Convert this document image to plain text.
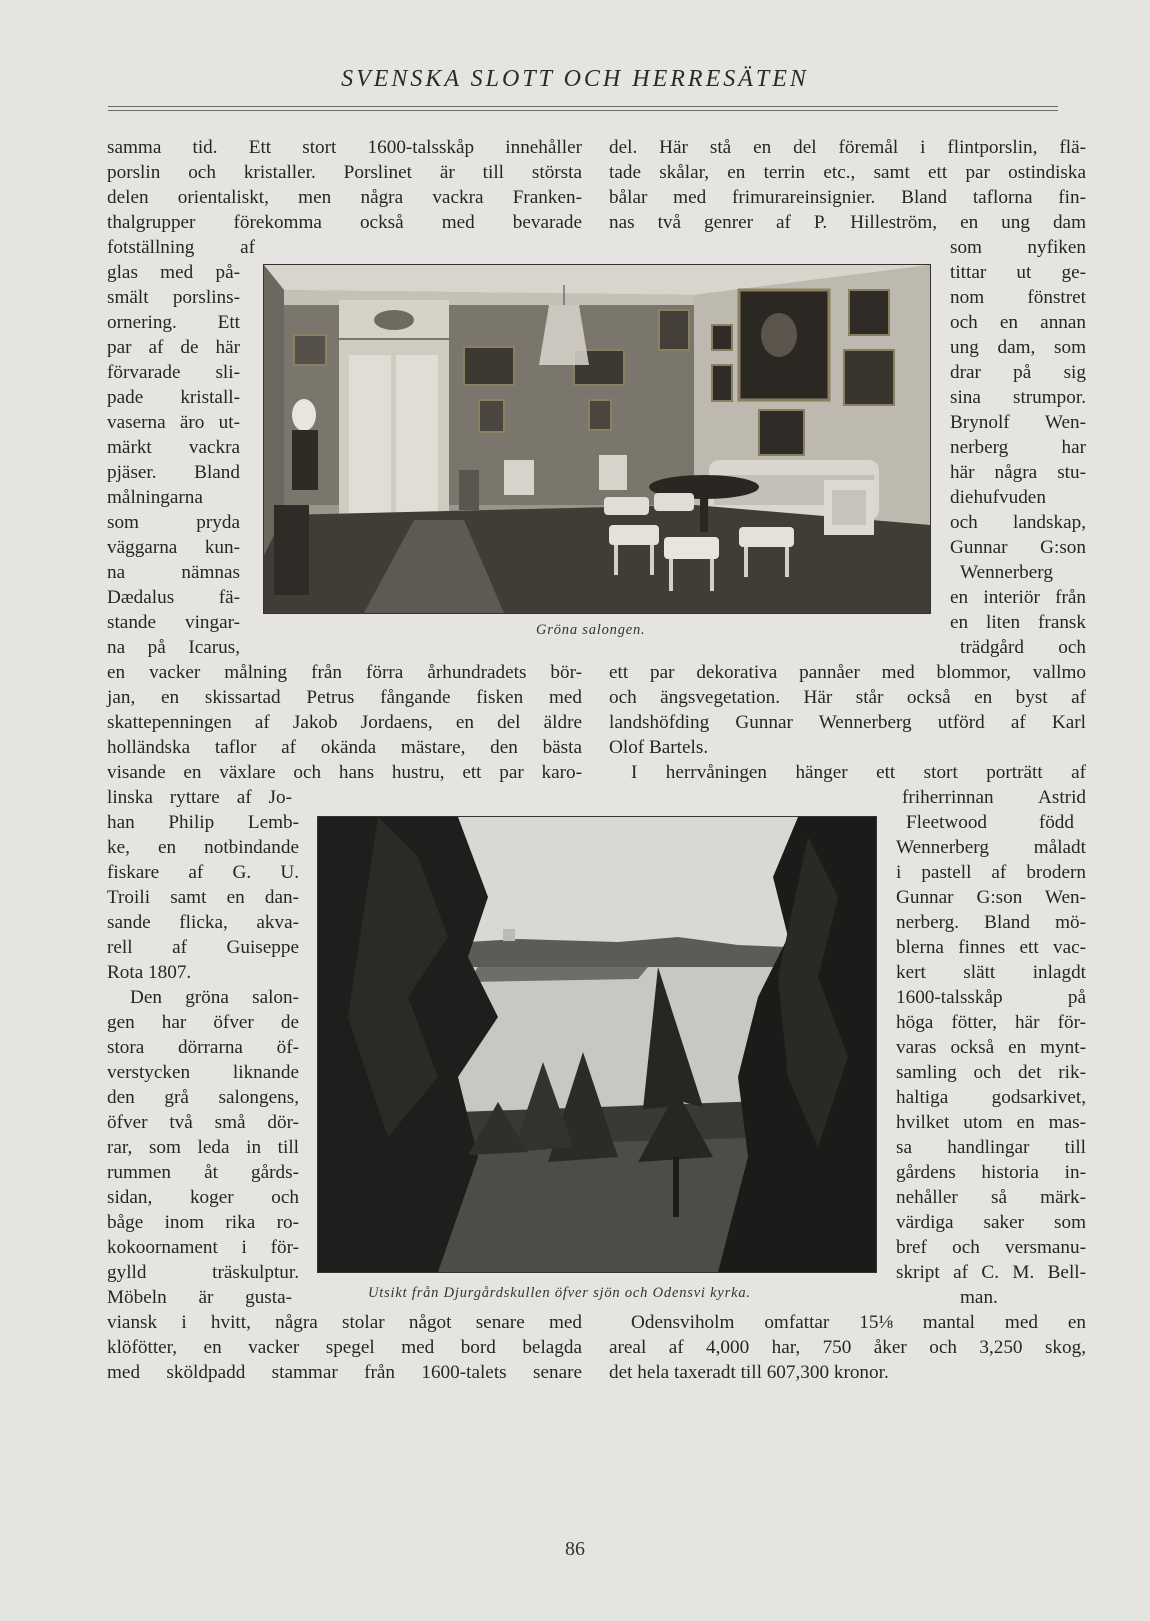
SVENSKA SLOTT OCH HERRESÄTEN
Gröna salongen.
Utsikt från Djurgårdskullen öfver sjön och Odensvi kyrka.
samma tid. Ett stort 1600-talsskåp innehåller
porslin och kristaller. Porslinet är till största
delen orientaliskt, men några vackra Franken-
thalgrupper förekomma också med bevarade
fotställning af
glas med på-
smält porslins-
ornering. Ett
par af de här
förvarade sli-
pade kristall-
vaserna äro ut-
märkt vackra
pjäser. Bland
målningarna
som pryda
väggarna kun-
na nämnas
Dædalus fä-
stande vingar-
na på Icarus,
en vacker målning från förra århundradets bör-
jan, en skissartad Petrus fångande fisken med
skattepenningen af Jakob Jordaens, en del äldre
holländska taflor af okända mästare, den bästa
visande en växlare och hans hustru, ett par karo-
linska ryttare af Jo-
han Philip Lemb-
ke, en notbindande
fiskare af G. U.
Troili samt en dan-
sande flicka, akva-
rell af Guiseppe
Rota 1807.
Den gröna salon-
gen har öfver de
stora dörrarna öf-
verstycken liknande
den grå salongens,
öfver två små dör-
rar, som leda in till
rummen åt gårds-
sidan, koger och
båge inom rika ro-
kokoornament i för-
gylld träskulptur.
Möbeln är gusta-
viansk i hvitt, några stolar något senare med
klöfötter, en vacker spegel med bord belagda
med sköldpadd stammar från 1600-talets senare
del. Här stå en del föremål i flintporslin, flä-
tade skålar, en terrin etc., samt ett par ostindiska
bålar med frimurareinsignier. Bland taflorna fin-
nas två genrer af P. Hilleström, en ung dam
som nyfiken
tittar ut ge-
nom fönstret
och en annan
ung dam, som
drar på sig
sina strumpor.
Brynolf Wen-
nerberg har
här några stu-
diehufvuden
och landskap,
Gunnar G:son
Wennerberg
en interiör från
en liten fransk
trädgård och
ett par dekorativa pannåer med blommor, vallmo
och ängsvegetation. Här står också en byst af
landshöfding Gunnar Wennerberg utförd af Karl
Olof Bartels.
I herrvåningen hänger ett stort porträtt af
friherrinnan Astrid
Fleetwood född
Wennerberg måladt
i pastell af brodern
Gunnar G:son Wen-
nerberg. Bland mö-
blerna finnes ett vac-
kert slätt inlagdt
1600-talsskåp på
höga fötter, här för-
varas också en mynt-
samling och det rik-
haltiga godsarkivet,
hvilket utom en mas-
sa handlingar till
gårdens historia in-
nehåller så märk-
värdiga saker som
bref och versmanu-
skript af C. M. Bell-
man.
Odensviholm omfattar 15⅛ mantal med en
areal af 4,000 har, 750 åker och 3,250 skog,
det hela taxeradt till 607,300 kronor.
86
